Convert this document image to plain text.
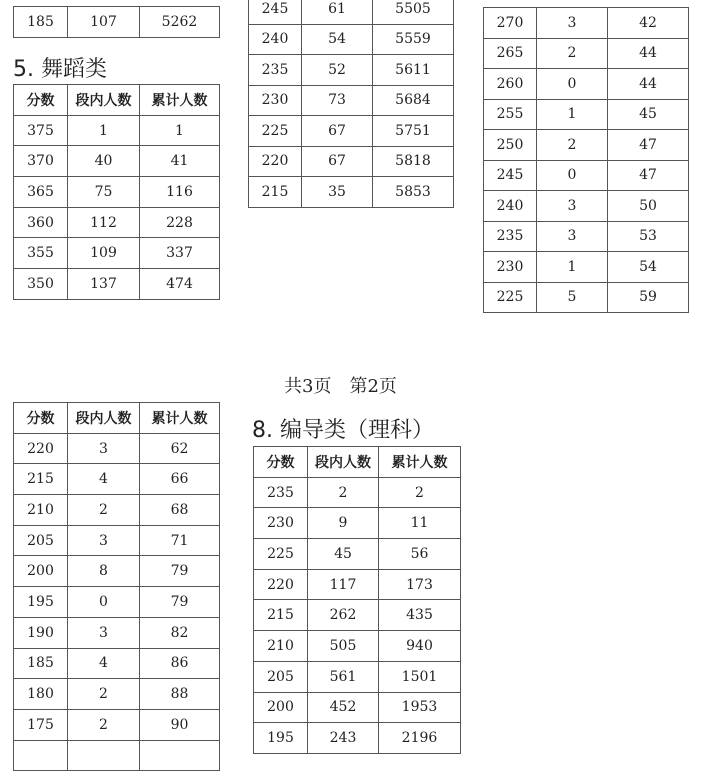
185	107	5262
5. 舞蹈类
分数	段内人数	累计人数
375	1	1
370	40	41
365	75	116
360	112	228
355	109	337
350	137	474
245	61	5505
240	54	5559
235	52	5611
230	73	5684
225	67	5751
220	67	5818
215	35	5853
270	3	42
265	2	44
260	0	44
255	1	45
250	2	47
245	0	47
240	3	50
235	3	53
230	1	54
225	5	59
共3页　第2页
分数	段内人数	累计人数
220	3	62
215	4	66
210	2	68
205	3	71
200	8	79
195	0	79
190	3	82
185	4	86
180	2	88
175	2	90

8. 编导类（理科）
分数	段内人数	累计人数
235	2	2
230	9	11
225	45	56
220	117	173
215	262	435
210	505	940
205	561	1501
200	452	1953
195	243	2196
